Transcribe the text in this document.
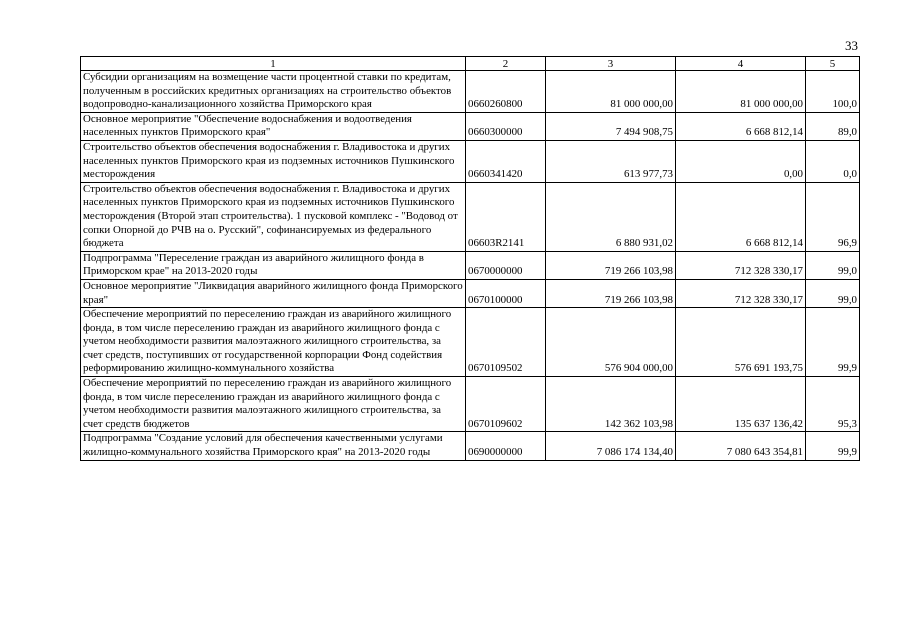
33
1	2	3	4	5
Субсидии организациям на возмещение части процентной ставки по кредитам, полученным в российских кредитных организациях на строительство объектов водопроводно-канализационного хозяйства Приморского края	0660260800	81 000 000,00	81 000 000,00	100,0
Основное мероприятие "Обеспечение водоснабжения и водоотведения населенных пунктов Приморского края"	0660300000	7 494 908,75	6 668 812,14	89,0
Строительство объектов обеспечения водоснабжения г. Владивостока и других населенных пунктов Приморского края из подземных источников Пушкинского месторождения	0660341420	613 977,73	0,00	0,0
Строительство объектов обеспечения водоснабжения г. Владивостока и других населенных пунктов Приморского края из подземных источников Пушкинского месторождения (Второй этап строительства). 1 пусковой комплекс - "Водовод от сопки Опорной до РЧВ на о. Русский", софинансируемых из федерального бюджета	06603R2141	6 880 931,02	6 668 812,14	96,9
Подпрограмма "Переселение граждан из аварийного жилищного фонда в Приморском крае" на 2013-2020 годы	0670000000	719 266 103,98	712 328 330,17	99,0
Основное мероприятие "Ликвидация аварийного жилищного фонда Приморского края"	0670100000	719 266 103,98	712 328 330,17	99,0
Обеспечение мероприятий по переселению граждан из аварийного жилищного фонда, в том числе переселению граждан из аварийного жилищного фонда с учетом необходимости развития малоэтажного жилищного строительства, за счет средств, поступивших от государственной корпорации Фонд содействия реформированию жилищно-коммунального хозяйства	0670109502	576 904 000,00	576 691 193,75	99,9
Обеспечение мероприятий по переселению граждан из аварийного жилищного фонда, в том числе переселению граждан из аварийного жилищного фонда с учетом необходимости развития малоэтажного жилищного строительства, за счет средств бюджетов	0670109602	142 362 103,98	135 637 136,42	95,3
Подпрограмма "Создание условий для обеспечения качественными услугами жилищно-коммунального хозяйства Приморского края" на 2013-2020 годы	0690000000	7 086 174 134,40	7 080 643 354,81	99,9
